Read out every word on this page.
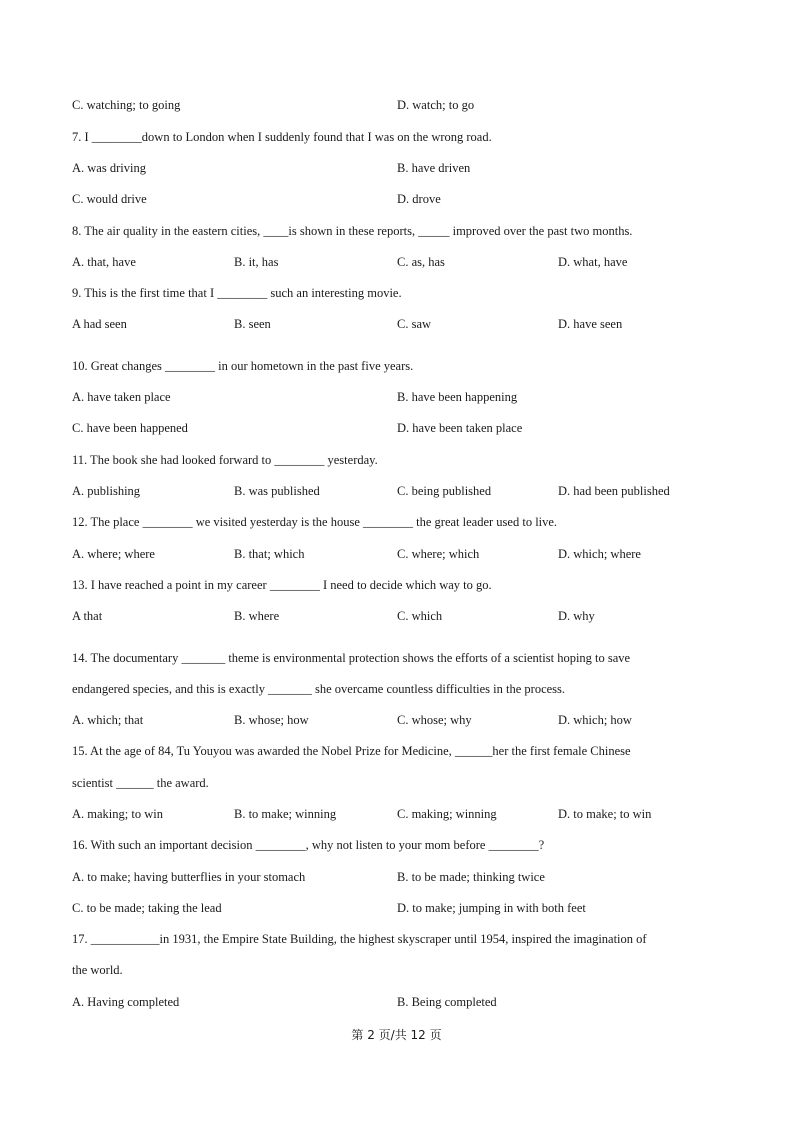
C. watching; to going	D. watch; to go
7. I ________down to London when I suddenly found that I was on the wrong road.
A. was driving	B. have driven
C. would drive	D. drove
8. The air quality in the eastern cities, ____is shown in these reports, _____ improved over the past two months.
A. that, have	B. it, has	C. as, has	D. what, have
9. This is the first time that I ________ such an interesting movie.
A had seen	B. seen	C. saw	D. have seen
10. Great changes ________ in our hometown in the past five years.
A. have taken place	B. have been happening
C. have been happened	D. have been taken place
11. The book she had looked forward to ________ yesterday.
A. publishing	B. was published	C. being published	D. had been published
12. The place ________ we visited yesterday is the house ________ the great leader used to live.
A. where; where	B. that; which	C. where; which	D. which; where
13. I have reached a point in my career ________ I need to decide which way to go.
A that	B. where	C. which	D. why
14. The documentary _______ theme is environmental protection shows the efforts of a scientist hoping to save
endangered species, and this is exactly _______ she overcame countless difficulties in the process.
A. which; that	B. whose; how	C. whose; why	D. which; how
15. At the age of 84, Tu Youyou was awarded the Nobel Prize for Medicine, ______her the first female Chinese
scientist ______ the award.
A. making; to win	B. to make; winning	C. making; winning	D. to make; to win
16. With such an important decision ________, why not listen to your mom before ________?
A. to make; having butterflies in your stomach	B. to be made; thinking twice
C. to be made; taking the lead	D. to make; jumping in with both feet
17. ___________in 1931, the Empire State Building, the highest skyscraper until 1954, inspired the imagination of
the world.
A. Having completed	B. Being completed
第 2 页/共 12 页
